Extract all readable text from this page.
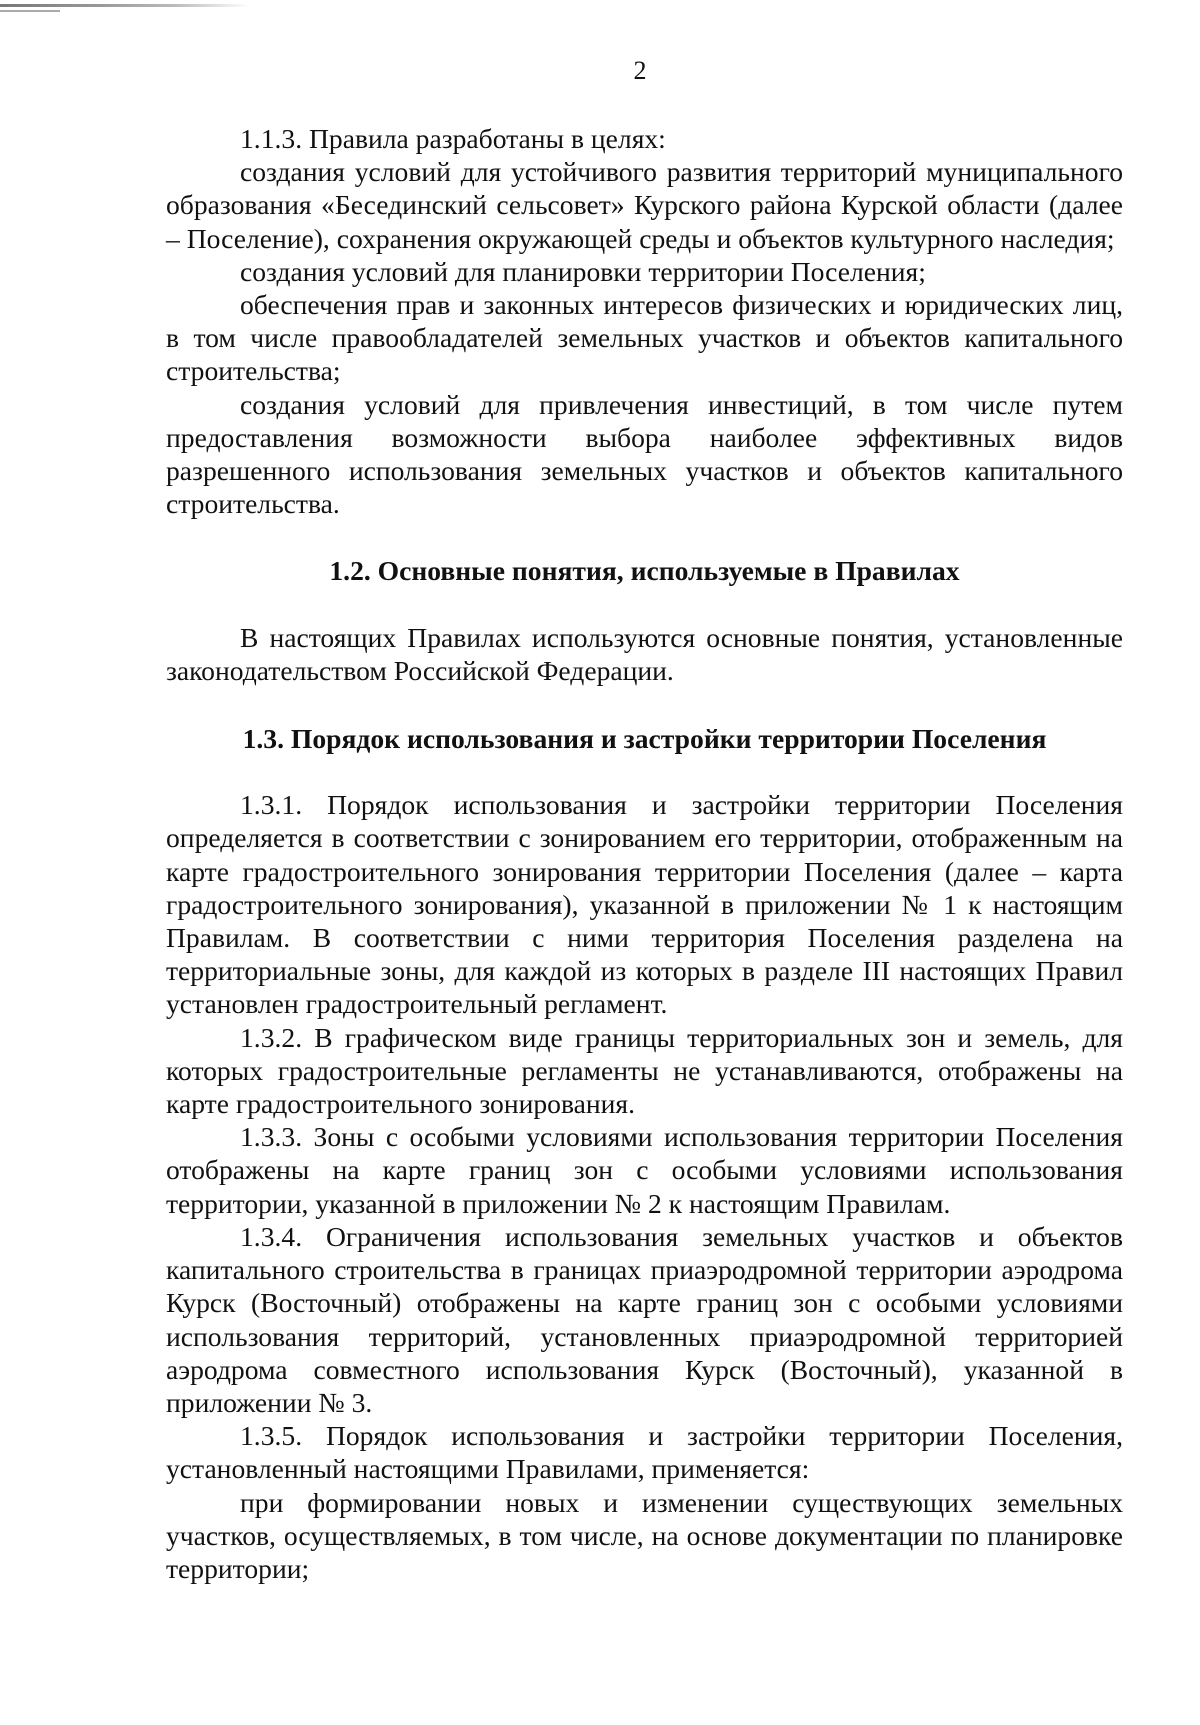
2

1.1.3. Правила разработаны в целях:

создания условий для устойчивого развития территорий муниципального образования «Бесединский сельсовет» Курского района Курской области (далее – Поселение), сохранения окружающей среды и объектов культурного наследия;

создания условий для планировки территории Поселения;

обеспечения прав и законных интересов физических и юридических лиц, в том числе правообладателей земельных участков и объектов капитального строительства;

создания условий для привлечения инвестиций, в том числе путем предоставления возможности выбора наиболее эффективных видов разрешенного использования земельных участков и объектов капитального строительства.

1.2. Основные понятия, используемые в Правилах

В настоящих Правилах используются основные понятия, установленные законодательством Российской Федерации.

1.3. Порядок использования и застройки территории Поселения

1.3.1. Порядок использования и застройки территории Поселения определяется в соответствии с зонированием его территории, отображенным на карте градостроительного зонирования территории Поселения (далее – карта градостроительного зонирования), указанной в приложении № 1 к настоящим Правилам. В соответствии с ними территория Поселения разделена на территориальные зоны, для каждой из которых в разделе III настоящих Правил установлен градостроительный регламент.

1.3.2. В графическом виде границы территориальных зон и земель, для которых градостроительные регламенты не устанавливаются, отображены на карте градостроительного зонирования.

1.3.3. Зоны с особыми условиями использования территории Поселения отображены на карте границ зон с особыми условиями использования территории, указанной в приложении № 2 к настоящим Правилам.

1.3.4. Ограничения использования земельных участков и объектов капитального строительства в границах приаэродромной территории аэродрома Курск (Восточный) отображены на карте границ зон с особыми условиями использования территорий, установленных приаэродромной территорией аэродрома совместного использования Курск (Восточный), указанной в приложении № 3.

1.3.5. Порядок использования и застройки территории Поселения, установленный настоящими Правилами, применяется:

при формировании новых и изменении существующих земельных участков, осуществляемых, в том числе, на основе документации по планировке территории;
